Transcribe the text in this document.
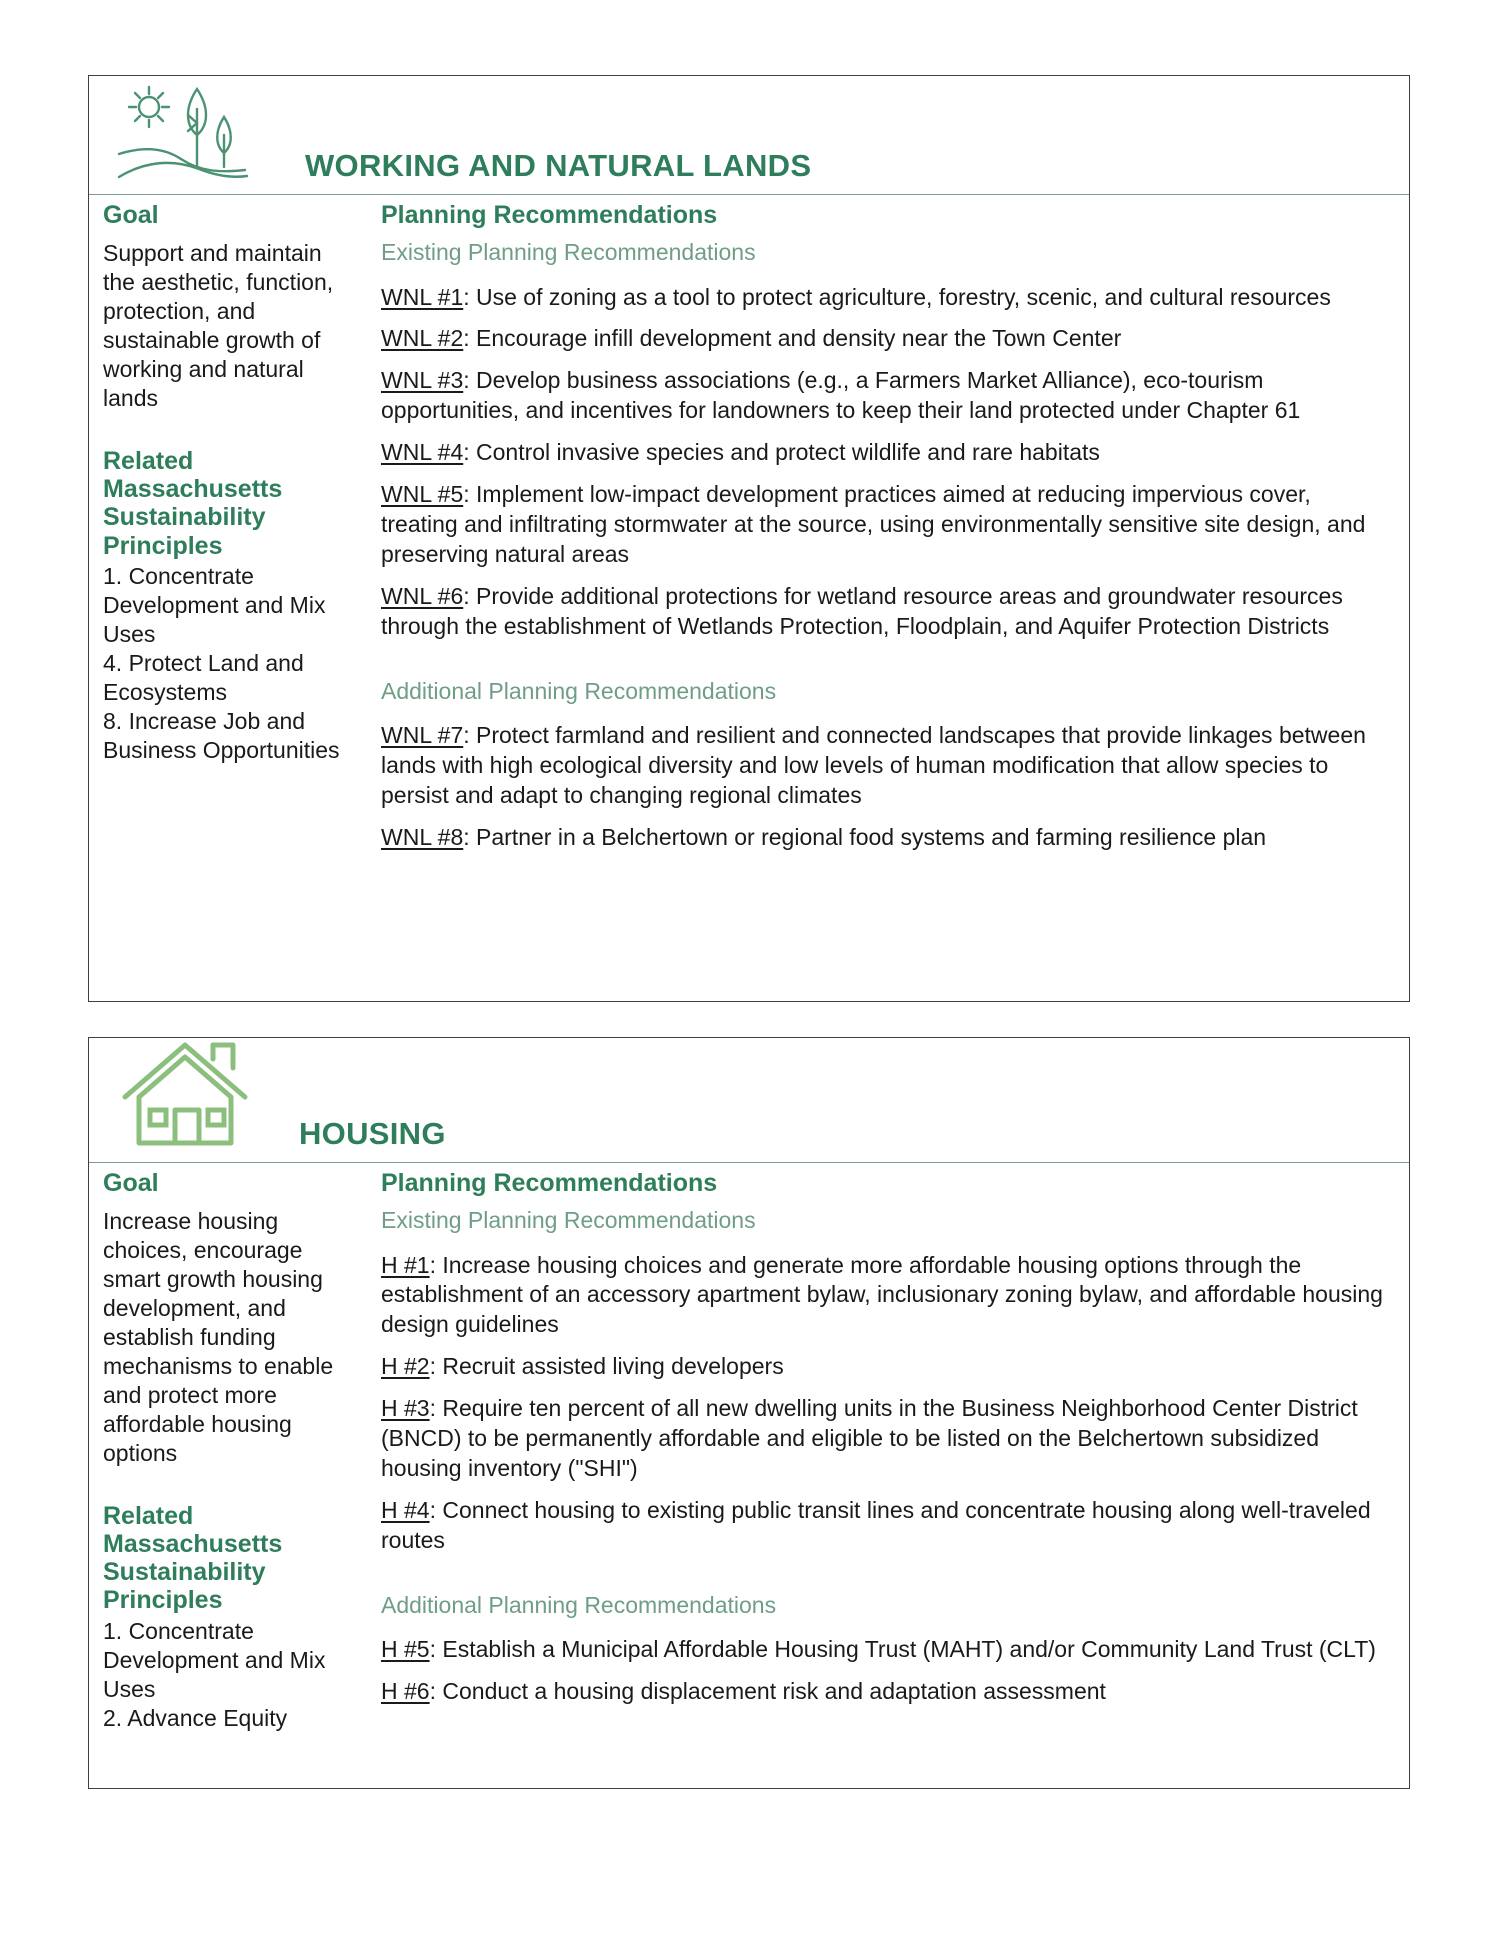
WORKING AND NATURAL LANDS
Goal

Support and maintain the aesthetic, function, protection, and sustainable growth of working and natural lands

Related Massachusetts Sustainability Principles

1. Concentrate Development and Mix Uses

4. Protect Land and Ecosystems

8. Increase Job and Business Opportunities

Planning Recommendations
Existing Planning Recommendations

WNL #1: Use of zoning as a tool to protect agriculture, forestry, scenic, and cultural resources

WNL #2: Encourage infill development and density near the Town Center

WNL #3: Develop business associations (e.g., a Farmers Market Alliance), eco-tourism opportunities, and incentives for landowners to keep their land protected under Chapter 61

WNL #4: Control invasive species and protect wildlife and rare habitats

WNL #5: Implement low-impact development practices aimed at reducing impervious cover, treating and infiltrating stormwater at the source, using environmentally sensitive site design, and preserving natural areas

WNL #6: Provide additional protections for wetland resource areas and groundwater resources through the establishment of Wetlands Protection, Floodplain, and Aquifer Protection Districts

Additional Planning Recommendations

WNL #7: Protect farmland and resilient and connected landscapes that provide linkages between lands with high ecological diversity and low levels of human modification that allow species to persist and adapt to changing regional climates

WNL #8: Partner in a Belchertown or regional food systems and farming resilience plan

HOUSING
Goal

Increase housing choices, encourage smart growth housing development, and establish funding mechanisms to enable and protect more affordable housing options

Related Massachusetts Sustainability Principles

1. Concentrate Development and Mix Uses

2. Advance Equity

Planning Recommendations
Existing Planning Recommendations

H #1: Increase housing choices and generate more affordable housing options through the establishment of an accessory apartment bylaw, inclusionary zoning bylaw, and affordable housing design guidelines

H #2: Recruit assisted living developers

H #3: Require ten percent of all new dwelling units in the Business Neighborhood Center District (BNCD) to be permanently affordable and eligible to be listed on the Belchertown subsidized housing inventory ("SHI")

H #4: Connect housing to existing public transit lines and concentrate housing along well-traveled routes

Additional Planning Recommendations

H #5: Establish a Municipal Affordable Housing Trust (MAHT) and/or Community Land Trust (CLT)

H #6: Conduct a housing displacement risk and adaptation assessment
